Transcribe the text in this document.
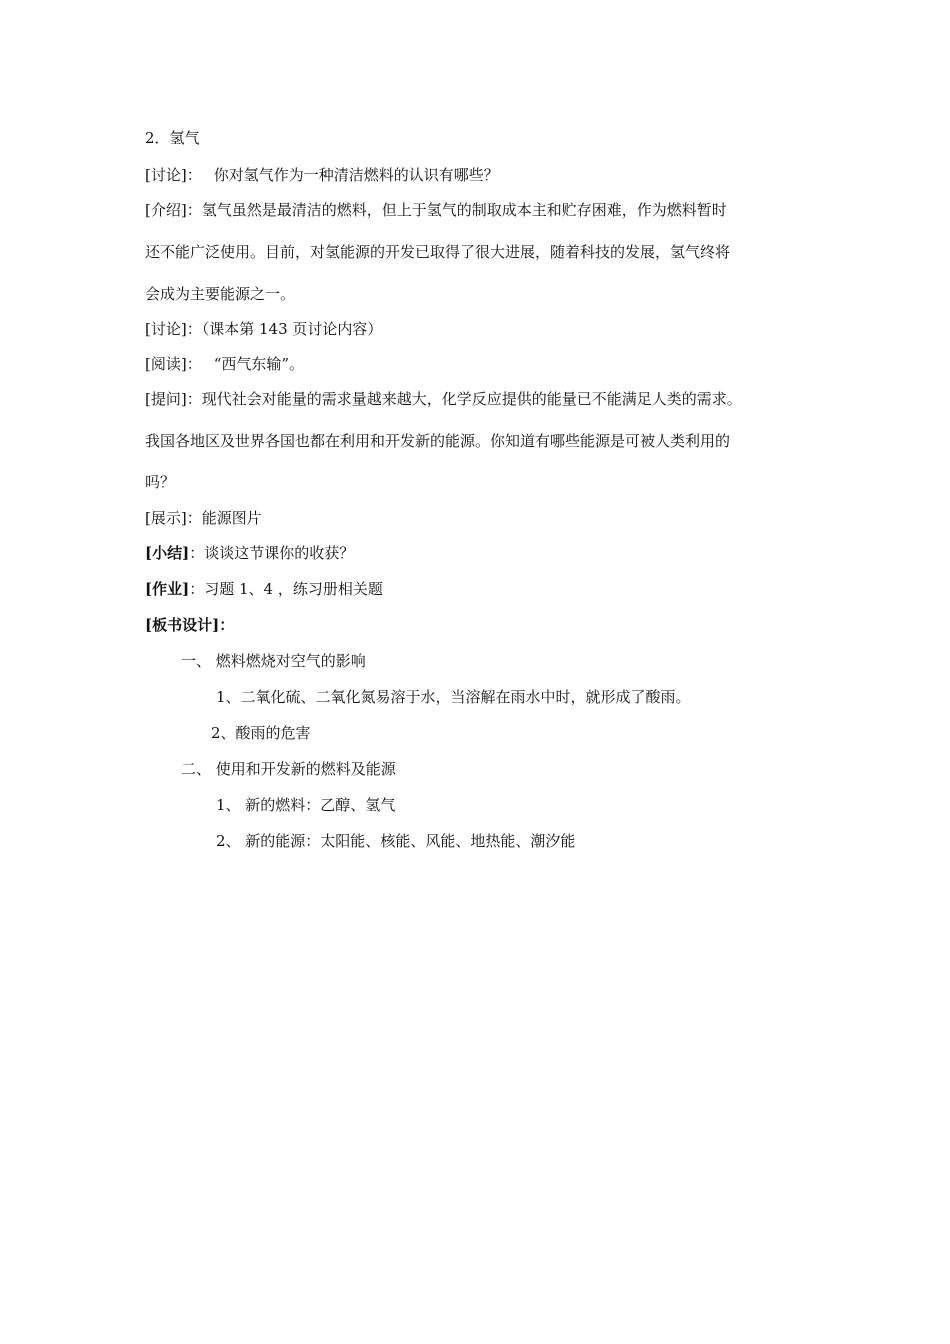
2．氢气
[讨论]： 你对氢气作为一种清洁燃料的认识有哪些？
[介绍]：氢气虽然是最清洁的燃料，但上于氢气的制取成本主和贮存困难，作为燃料暂时
还不能广泛使用。目前，对氢能源的开发已取得了很大进展，随着科技的发展，氢气终将
会成为主要能源之一。
[讨论]：（课本第 143 页讨论内容）
[阅读]： “西气东输”。
[提问]：现代社会对能量的需求量越来越大，化学反应提供的能量已不能满足人类的需求。
我国各地区及世界各国也都在利用和开发新的能源。你知道有哪些能源是可被人类利用的
吗？
[展示]：能源图片
[小结]：谈谈这节课你的收获？
[作业]：习题 1、4 ，练习册相关题
[板书设计]：
一、 燃料燃烧对空气的影响
1、二氧化硫、二氧化氮易溶于水，当溶解在雨水中时，就形成了酸雨。
2、酸雨的危害
二、 使用和开发新的燃料及能源
1、 新的燃料：乙醇、氢气
2、 新的能源：太阳能、核能、风能、地热能、潮汐能
